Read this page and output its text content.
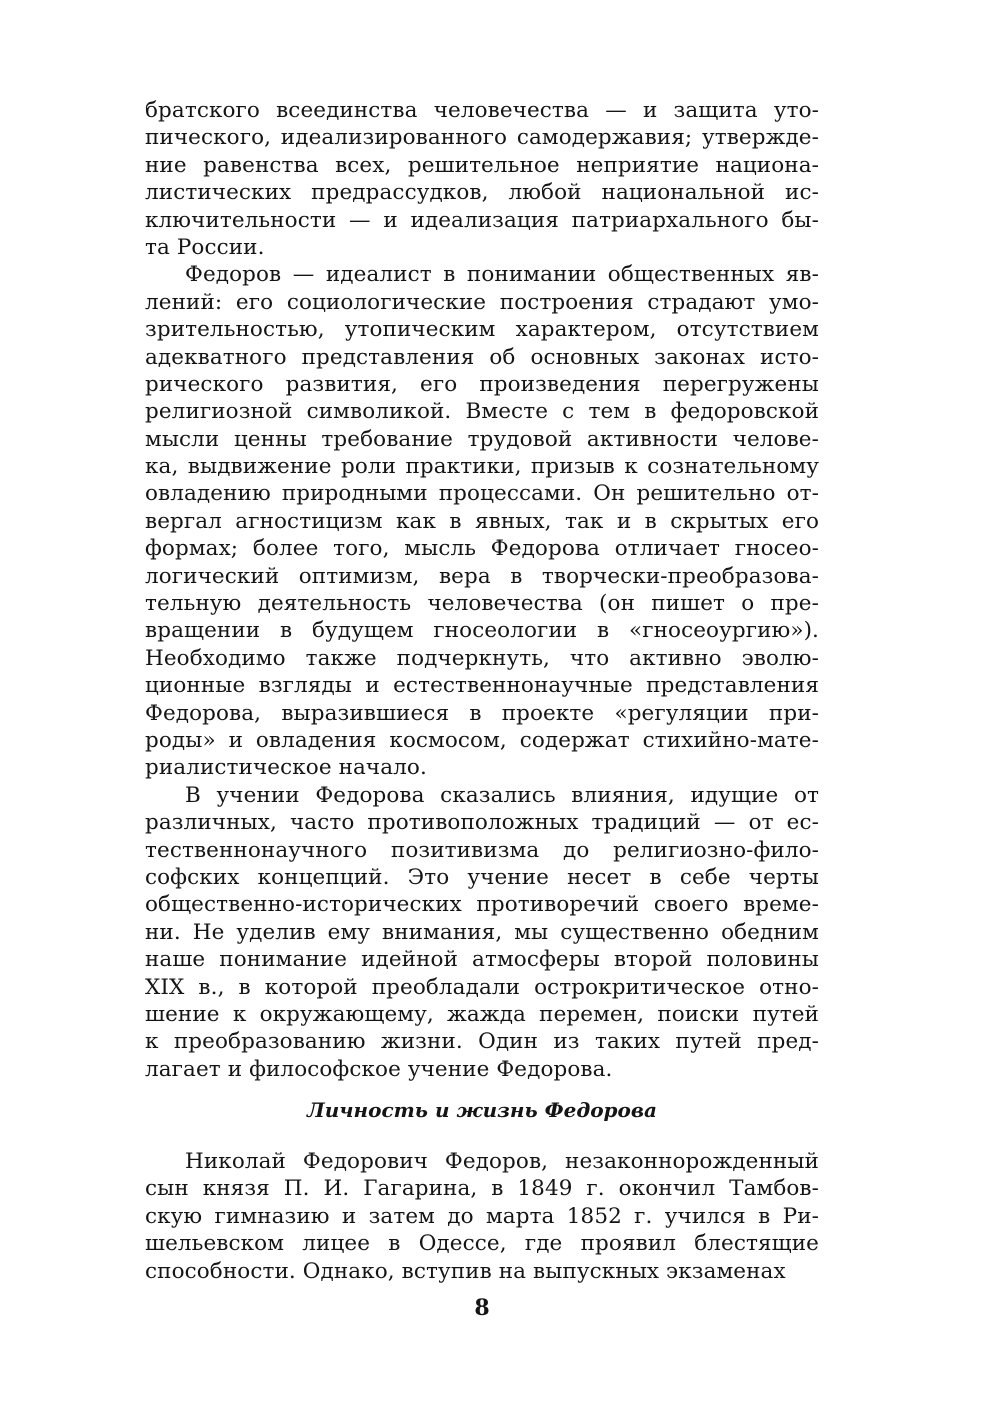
братского всеединства человечества — и защита уто-
пического, идеализированного самодержавия; утвержде-
ние равенства всех, решительное неприятие национа-
листических предрассудков, любой национальной ис-
ключительности — и идеализация патриархального бы-
та России.
Федоров — идеалист в понимании общественных яв-
лений: его социологические построения страдают умо-
зрительностью, утопическим характером, отсутствием
адекватного представления об основных законах исто-
рического развития, его произведения перегружены
религиозной символикой. Вместе с тем в федоровской
мысли ценны требование трудовой активности челове-
ка, выдвижение роли практики, призыв к сознательному
овладению природными процессами. Он решительно от-
вергал агностицизм как в явных, так и в скрытых его
формах; более того, мысль Федорова отличает гносео-
логический оптимизм, вера в творчески-преобразова-
тельную деятельность человечества (он пишет о пре-
вращении в будущем гносеологии в «гносеоургию»).
Необходимо также подчеркнуть, что активно эволю-
ционные взгляды и естественнонаучные представления
Федорова, выразившиеся в проекте «регуляции при-
роды» и овладения космосом, содержат стихийно-мате-
риалистическое начало.
В учении Федорова сказались влияния, идущие от
различных, часто противоположных традиций — от ес-
тественнонаучного позитивизма до религиозно-фило-
софских концепций. Это учение несет в себе черты
общественно-исторических противоречий своего време-
ни. Не уделив ему внимания, мы существенно обедним
наше понимание идейной атмосферы второй половины
XIX в., в которой преобладали острокритическое отно-
шение к окружающему, жажда перемен, поиски путей
к преобразованию жизни. Один из таких путей пред-
лагает и философское учение Федорова.
Личность и жизнь Федорова
Николай Федорович Федоров, незаконнорожденный
сын князя П. И. Гагарина, в 1849 г. окончил Тамбов-
скую гимназию и затем до марта 1852 г. учился в Ри-
шельевском лицее в Одессе, где проявил блестящие
способности. Однако, вступив на выпускных экзаменах
8
